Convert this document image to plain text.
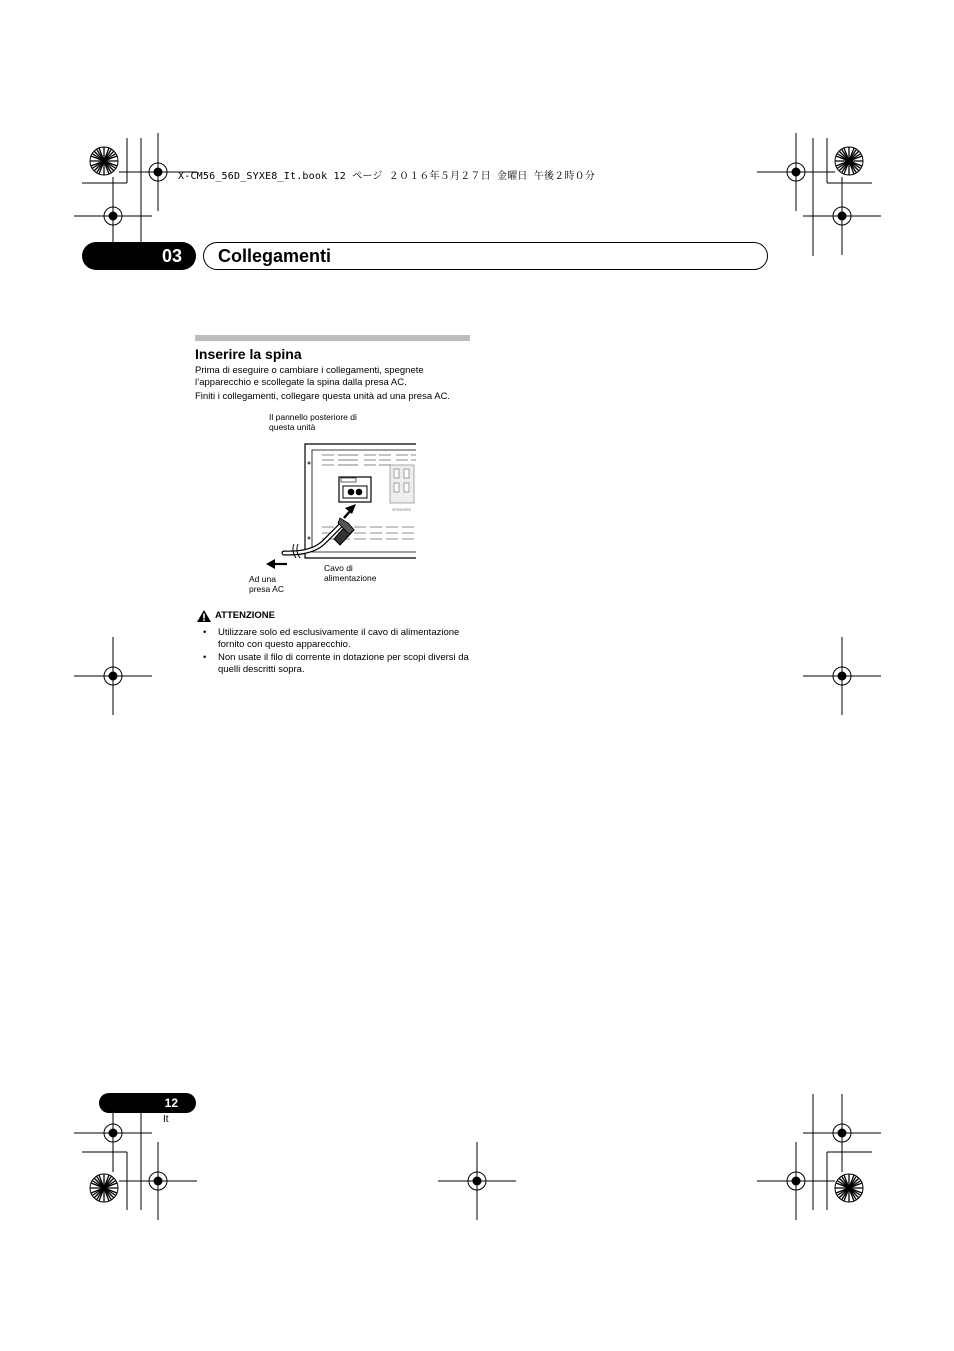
X-CM56_56D_SYXE8_It.book 12 ページ ２０１６年５月２７日 金曜日 午後２時０分
03	Collegamenti
Inserire la spina
Prima di eseguire o cambiare i collegamenti, spegnete l’apparecchio e scollegate la spina dalla presa AC.
Finiti i collegamenti, collegare questa unità ad una presa AC.
Il pannello posteriore di
questa unità
Cavo di
alimentazione
Ad una
presa AC
SPEAKERS
ATTENZIONE
• Utilizzare solo ed esclusivamente il cavo di alimentazione fornito con questo apparecchio.
• Non usate il filo di corrente in dotazione per scopi diversi da quelli descritti sopra.
12
It
